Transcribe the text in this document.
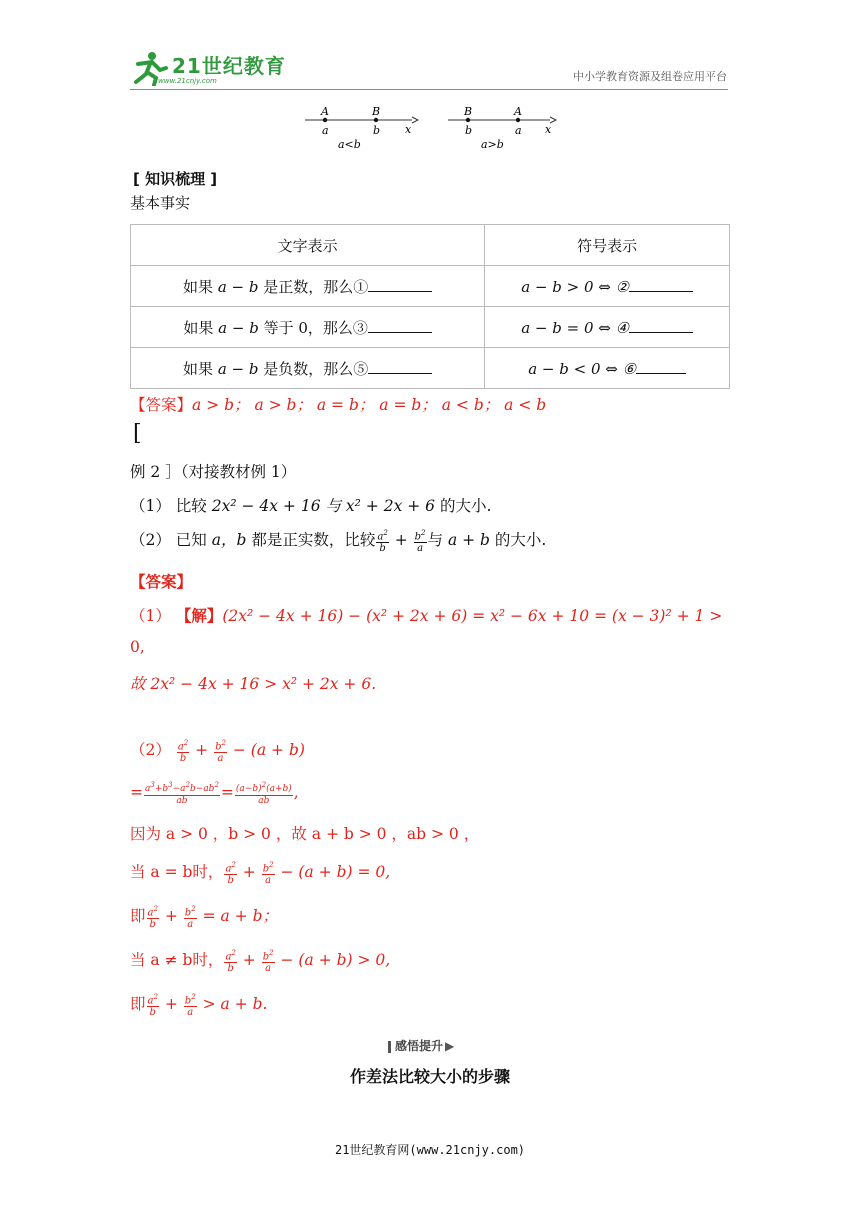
21世纪教育
www.21cnjy.com	中小学教育资源及组卷应用平台
A	B
a	b x
a<b
B	A
b	a x
a>b
[ 知识梳理 ]
基本事实
文字表示	符号表示
如果 a − b 是正数，那么①	a − b > 0 ⇔ ②
如果 a − b 等于 0，那么③	a − b = 0 ⇔ ④
如果 a − b 是负数，那么⑤	a − b < 0 ⇔ ⑥
【答案】a > b； a > b； a = b； a = b； a < b； a < b
[
例 2 ］（对接教材例 1）
（1） 比较 2x² − 4x + 16 与 x² + 2x + 6 的大小.
（2） 已知 a，b 都是正实数，比较 $\frac{a^2}{b} + \frac{b^2}{a}$ 与 a + b 的大小.
【答案】
（1） 【解】(2x² − 4x + 16) − (x² + 2x + 6) = x² − 6x + 10 = (x − 3)² + 1 >
0,
故 2x² − 4x + 16 > x² + 2x + 6.
$(2) \frac{a^2}{b} + \frac{b^2}{a} - (a + b)$
= $\frac{a^3+b^3-a^2b-ab^2}{ab} = \frac{(a-b)^2(a+b)}{ab}$ ,
因为 a > 0 ，b > 0 ，故 a + b > 0 ，ab > 0 ，
当 a = b时， $\frac{a^2}{b} + \frac{b^2}{a} - (a + b) = 0$,
即 $\frac{a^2}{b} + \frac{b^2}{a} = a + b$；
当 a ≠ b时， $\frac{a^2}{b} + \frac{b^2}{a} - (a + b) > 0$,
即 $\frac{a^2}{b} + \frac{b^2}{a} > a + b$.
感悟提升 ▶
作差法比较大小的步骤
21世纪教育网(www.21cnjy.com)
